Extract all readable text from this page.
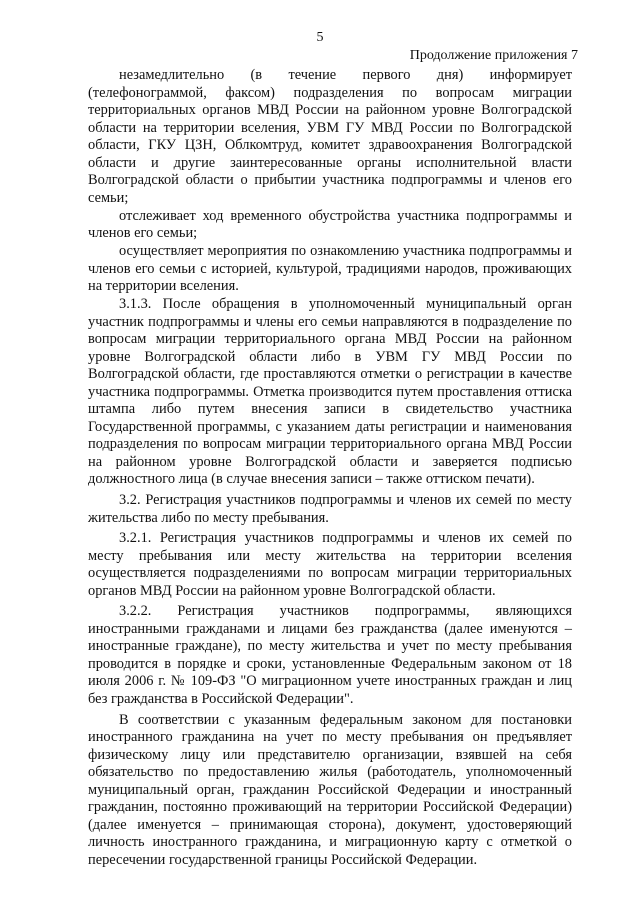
5
Продолжение приложения 7

незамедлительно (в течение первого дня) информирует (телефонограммой, факсом) подразделения по вопросам миграции территориальных органов МВД России на районном уровне Волгоградской области на территории вселения, УВМ ГУ МВД России по Волгоградской области, ГКУ ЦЗН, Облкомтруд, комитет здравоохранения Волгоградской области и другие заинтересованные органы исполнительной власти Волгоградской области о прибытии участника подпрограммы и членов его семьи;

отслеживает ход временного обустройства участника подпрограммы и членов его семьи;

осуществляет мероприятия по ознакомлению участника подпрограммы и членов его семьи с историей, культурой, традициями народов, проживающих на территории вселения.

3.1.3. После обращения в уполномоченный муниципальный орган участник подпрограммы и члены его семьи направляются в подразделение по вопросам миграции территориального органа МВД России на районном уровне Волгоградской области либо в УВМ ГУ МВД России по Волгоградской области, где проставляются отметки о регистрации в качестве участника подпрограммы. Отметка производится путем проставления оттиска штампа либо путем внесения записи в свидетельство участника Государственной программы, с указанием даты регистрации и наименования подразделения по вопросам миграции территориального органа МВД России на районном уровне Волгоградской области и заверяется подписью должностного лица (в случае внесения записи – также оттиском печати).

3.2. Регистрация участников подпрограммы и членов их семей по месту жительства либо по месту пребывания.

3.2.1. Регистрация участников подпрограммы и членов их семей по месту пребывания или месту жительства на территории вселения осуществляется подразделениями по вопросам миграции территориальных органов МВД России на районном уровне Волгоградской области.

3.2.2. Регистрация участников подпрограммы, являющихся иностранными гражданами и лицами без гражданства (далее именуются – иностранные граждане), по месту жительства и учет по месту пребывания проводится в порядке и сроки, установленные Федеральным законом от 18 июля 2006 г. № 109-ФЗ "О миграционном учете иностранных граждан и лиц без гражданства в Российской Федерации".

В соответствии с указанным федеральным законом для постановки иностранного гражданина на учет по месту пребывания он предъявляет физическому лицу или представителю организации, взявшей на себя обязательство по предоставлению жилья (работодатель, уполномоченный муниципальный орган, гражданин Российской Федерации и иностранный гражданин, постоянно проживающий на территории Российской Федерации) (далее именуется – принимающая сторона), документ, удостоверяющий личность иностранного гражданина, и миграционную карту с отметкой о пересечении государственной границы Российской Федерации.
